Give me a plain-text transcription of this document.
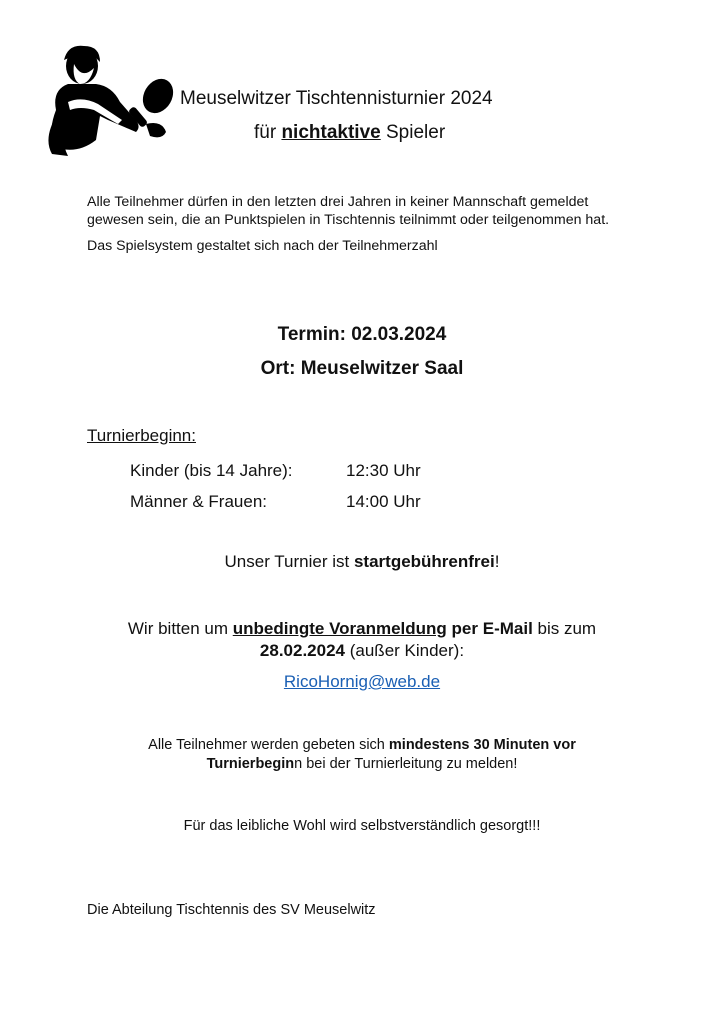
Meuselwitzer Tischtennisturnier 2024
für nichtaktive Spieler

Alle Teilnehmer dürfen in den letzten drei Jahren in keiner Mannschaft gemeldet gewesen sein, die an Punktspielen in Tischtennis teilnimmt oder teilgenommen hat.

Das Spielsystem gestaltet sich nach der Teilnehmerzahl

Termin: 02.03.2024
Ort: Meuselwitzer Saal
Turnierbeginn:
Kinder (bis 14 Jahre):	12:30 Uhr
Männer & Frauen:	14:00 Uhr
Unser Turnier ist startgebührenfrei!
Wir bitten um unbedingte Voranmeldung per E-Mail bis zum
28.02.2024 (außer Kinder):
RicoHornig@web.de
Alle Teilnehmer werden gebeten sich mindestens 30 Minuten vor
Turnierbeginn bei der Turnierleitung zu melden!
Für das leibliche Wohl wird selbstverständlich gesorgt!!!
Die Abteilung Tischtennis des SV Meuselwitz
